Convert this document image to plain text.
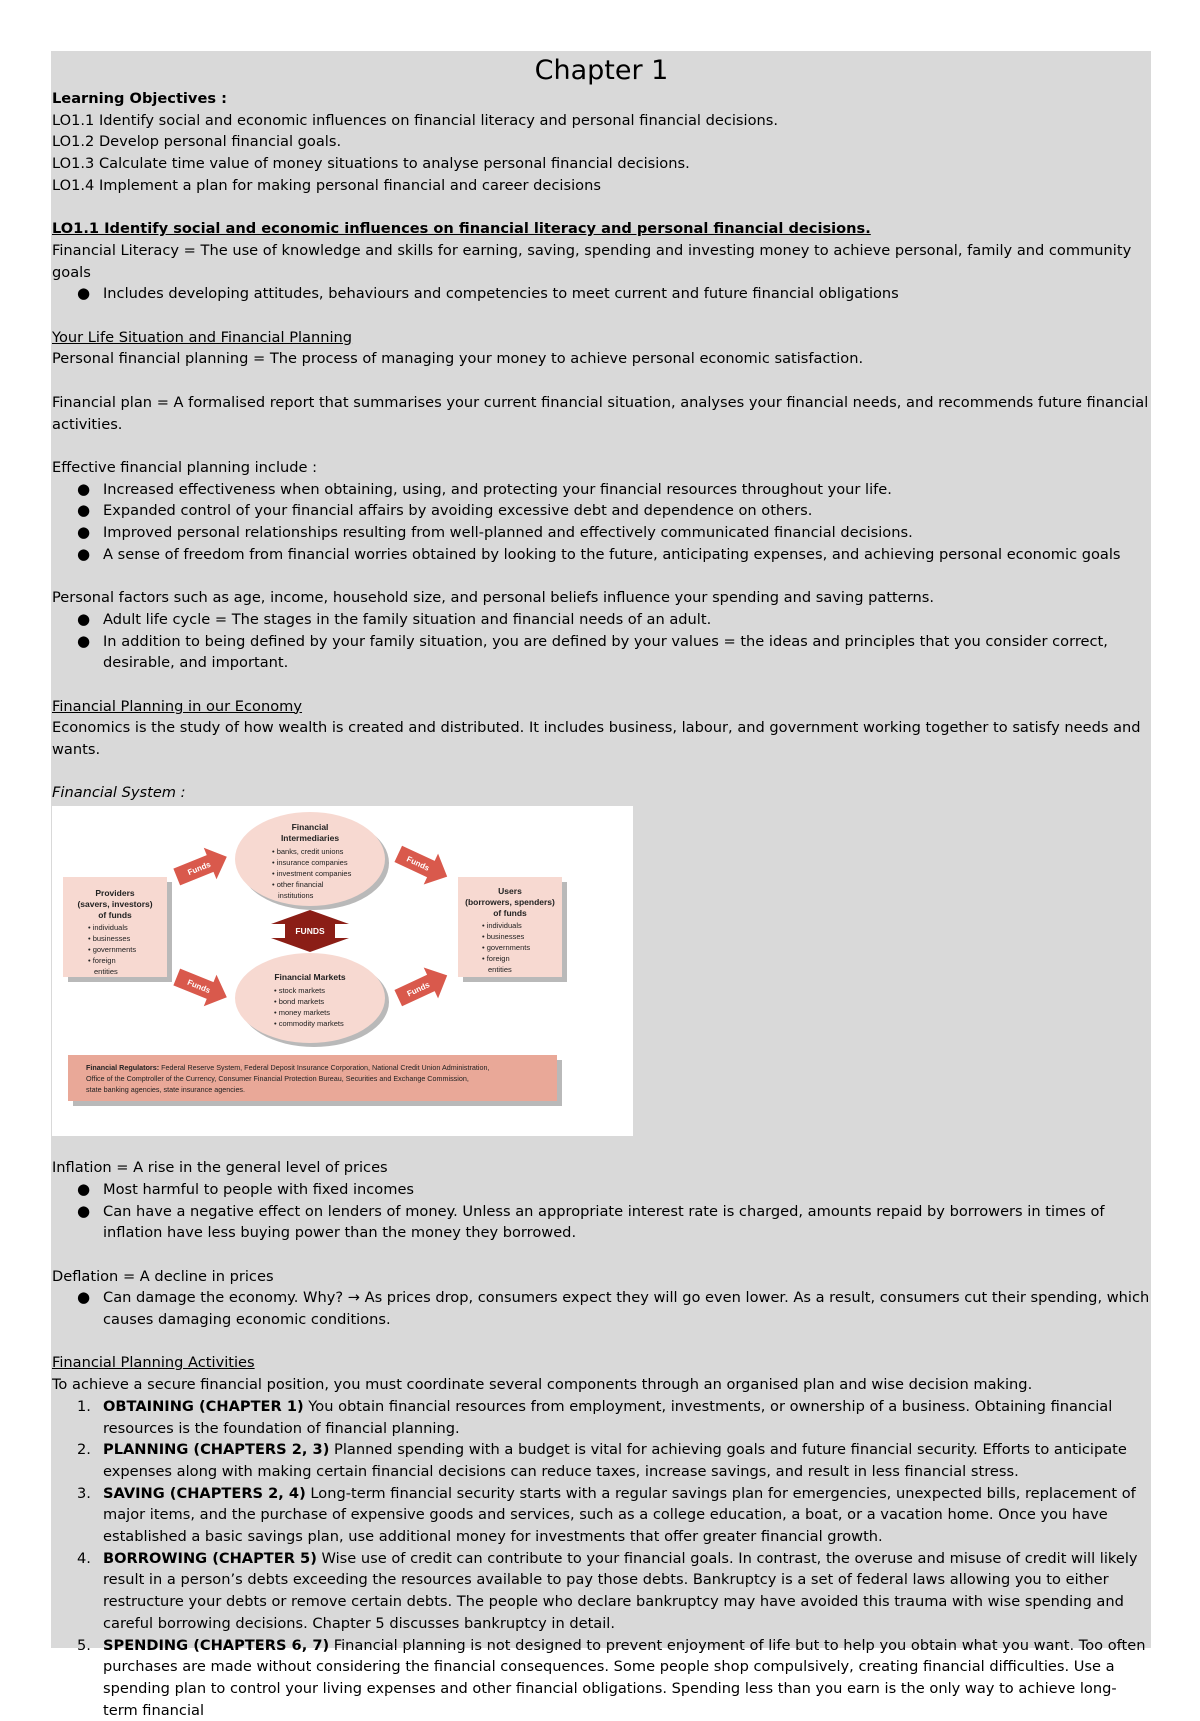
Chapter 1

Learning Objectives :

LO1.1 Identify social and economic influences on financial literacy and personal financial decisions.

LO1.2 Develop personal financial goals.

LO1.3 Calculate time value of money situations to analyse personal financial decisions.

LO1.4 Implement a plan for making personal financial and career decisions

LO1.1 Identify social and economic influences on financial literacy and personal financial decisions.

Financial Literacy = The use of knowledge and skills for earning, saving, spending and investing money to achieve personal, family and community goals

● Includes developing attitudes, behaviours and competencies to meet current and future financial obligations

Your Life Situation and Financial Planning

Personal financial planning = The process of managing your money to achieve personal economic satisfaction.

Financial plan = A formalised report that summarises your current financial situation, analyses your financial needs, and recommends future financial activities.

Effective financial planning include :

● Increased effectiveness when obtaining, using, and protecting your financial resources throughout your life.
● Expanded control of your financial affairs by avoiding excessive debt and dependence on others.
● Improved personal relationships resulting from well-planned and effectively communicated financial decisions.
● A sense of freedom from financial worries obtained by looking to the future, anticipating expenses, and achieving personal economic goals

Personal factors such as age, income, household size, and personal beliefs influence your spending and saving patterns.

● Adult life cycle = The stages in the family situation and financial needs of an adult.
● In addition to being defined by your family situation, you are defined by your values = the ideas and principles that you consider correct, desirable, and important.

Financial Planning in our Economy

Economics is the study of how wealth is created and distributed. It includes business, labour, and government working together to satisfy needs and wants.

Financial System :

Providers
(savers, investors)
of funds
• individuals
• businesses
• governments
• foreign
entities
Users
(borrowers, spenders)
of funds
• individuals
• businesses
• governments
• foreign
entities
Financial
Intermediaries
• banks, credit unions
• insurance companies
• investment companies
• other financial
institutions
Financial Markets
• stock markets
• bond markets
• money markets
• commodity markets
FUNDS
Funds	Funds
Funds	Funds
Financial Regulators: Federal Reserve System, Federal Deposit Insurance Corporation, National Credit Union Administration,
Office of the Comptroller of the Currency, Consumer Financial Protection Bureau, Securities and Exchange Commission,
state banking agencies, state insurance agencies.

Inflation = A rise in the general level of prices

● Most harmful to people with fixed incomes
● Can have a negative effect on lenders of money. Unless an appropriate interest rate is charged, amounts repaid by borrowers in times of inflation have less buying power than the money they borrowed.

Deflation = A decline in prices

● Can damage the economy. Why? → As prices drop, consumers expect they will go even lower. As a result, consumers cut their spending, which causes damaging economic conditions.

Financial Planning Activities

To achieve a secure financial position, you must coordinate several components through an organised plan and wise decision making.

1. OBTAINING (CHAPTER 1) You obtain financial resources from employment, investments, or ownership of a business. Obtaining financial resources is the foundation of financial planning.
2. PLANNING (CHAPTERS 2, 3) Planned spending with a budget is vital for achieving goals and future financial security. Efforts to anticipate expenses along with making certain financial decisions can reduce taxes, increase savings, and result in less financial stress.
3. SAVING (CHAPTERS 2, 4) Long-term financial security starts with a regular savings plan for emergencies, unexpected bills, replacement of major items, and the purchase of expensive goods and services, such as a college education, a boat, or a vacation home. Once you have established a basic savings plan, use additional money for investments that offer greater financial growth.
4. BORROWING (CHAPTER 5) Wise use of credit can contribute to your financial goals. In contrast, the overuse and misuse of credit will likely result in a person’s debts exceeding the resources available to pay those debts. Bankruptcy is a set of federal laws allowing you to either restructure your debts or remove certain debts. The people who declare bankruptcy may have avoided this trauma with wise spending and careful borrowing decisions. Chapter 5 discusses bankruptcy in detail.
5. SPENDING (CHAPTERS 6, 7) Financial planning is not designed to prevent enjoyment of life but to help you obtain what you want. Too often purchases are made without considering the financial consequences. Some people shop compulsively, creating financial difficulties. Use a spending plan to control your living expenses and other financial obligations. Spending less than you earn is the only way to achieve long-term financial
